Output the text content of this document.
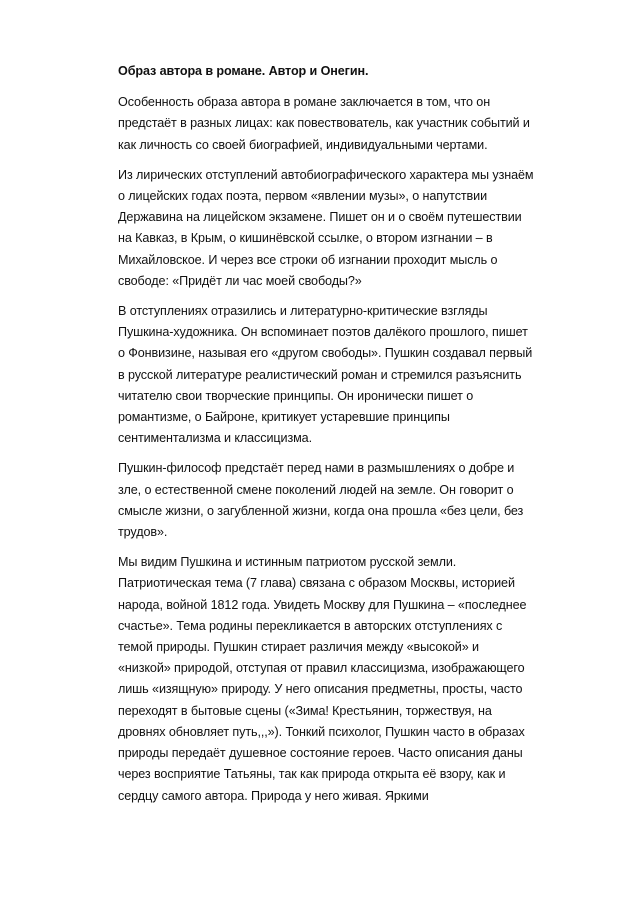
Образ автора в романе. Автор и Онегин.
Особенность образа автора в романе заключается в том, что он
предстаёт в разных лицах: как повествователь, как участник событий и
как личность со своей биографией, индивидуальными чертами.
Из лирических отступлений автобиографического характера мы узнаём
о лицейских годах поэта, первом «явлении музы», о напутствии
Державина на лицейском экзамене. Пишет он и о своём путешествии
на Кавказ, в Крым, о кишинёвской ссылке, о втором изгнании – в
Михайловское. И через все строки об изгнании проходит мысль о
свободе: «Придёт ли час моей свободы?»
В отступлениях отразились и литературно-критические взгляды
Пушкина-художника. Он вспоминает поэтов далёкого прошлого, пишет
о Фонвизине, называя его «другом свободы». Пушкин создавал первый
в русской литературе реалистический роман и стремился разъяснить
читателю свои творческие принципы. Он иронически пишет о
романтизме, о Байроне, критикует устаревшие принципы
сентиментализма и классицизма.
Пушкин-философ предстаёт перед нами в размышлениях о добре и
зле, о естественной смене поколений людей на земле. Он говорит о
смысле жизни, о загубленной жизни, когда она прошла «без цели, без
трудов».
Мы видим Пушкина и истинным патриотом русской земли.
Патриотическая тема (7 глава) связана с образом Москвы, историей
народа, войной 1812 года. Увидеть Москву для Пушкина – «последнее
счастье». Тема родины перекликается в авторских отступлениях с
темой природы. Пушкин стирает различия между «высокой» и
«низкой» природой, отступая от правил классицизма, изображающего
лишь «изящную» природу. У него описания предметны, просты, часто
переходят в бытовые сцены («Зима! Крестьянин, торжествуя, на
дровнях обновляет путь,,,»). Тонкий психолог, Пушкин часто в образах
природы передаёт душевное состояние героев. Часто описания даны
через восприятие Татьяны, так как природа открыта её взору, как и
сердцу самого автора. Природа у него живая. Яркими
